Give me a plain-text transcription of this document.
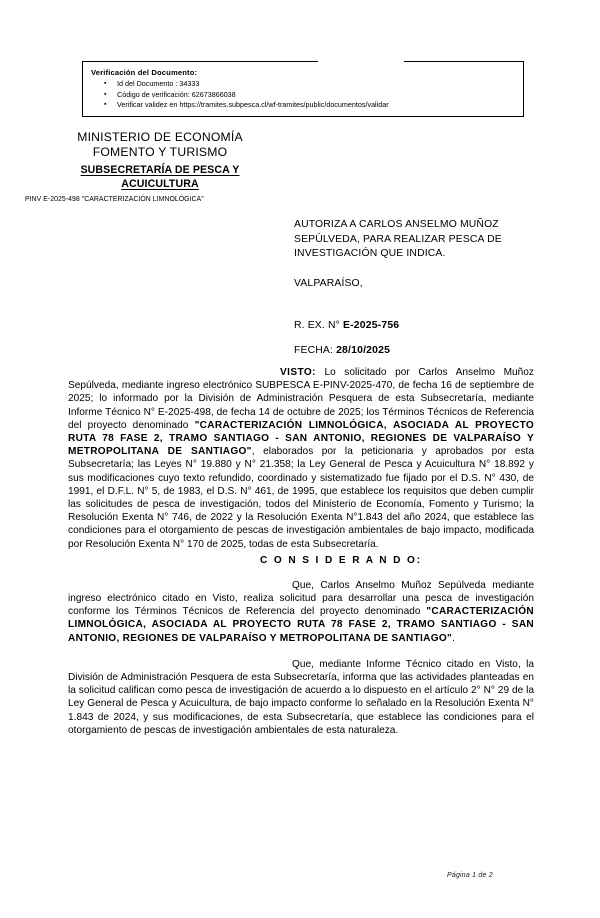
Verificación del Documento:
▪ Id del Documento : 34333
▪ Código de verificación: 62673866038
▪ Verificar validez en https://tramites.subpesca.cl/wf-tramites/public/documentos/validar
MINISTERIO DE ECONOMÍA
FOMENTO Y TURISMO
SUBSECRETARÍA DE PESCA Y
ACUICULTURA
PINV E-2025-498 "CARACTERIZACIÓN LIMNOLÓGICA"
AUTORIZA A CARLOS ANSELMO MUÑOZ SEPÚLVEDA, PARA REALIZAR PESCA DE INVESTIGACIÓN QUE INDICA.
VALPARAÍSO,
R. EX. N° E-2025-756
FECHA: 28/10/2025

VISTO: Lo solicitado por Carlos Anselmo Muñoz Sepúlveda, mediante ingreso electrónico SUBPESCA E-PINV-2025-470, de fecha 16 de septiembre de 2025; lo informado por la División de Administración Pesquera de esta Subsecretaría, mediante Informe Técnico N° E-2025-498, de fecha 14 de octubre de 2025; los Términos Técnicos de Referencia del proyecto denominado "CARACTERIZACIÓN LIMNOLÓGICA, ASOCIADA AL PROYECTO RUTA 78 FASE 2, TRAMO SANTIAGO - SAN ANTONIO, REGIONES DE VALPARAÍSO Y METROPOLITANA DE SANTIAGO", elaborados por la peticionaria y aprobados por esta Subsecretaría; las Leyes N° 19.880 y N° 21.358; la Ley General de Pesca y Acuicultura N° 18.892 y sus modificaciones cuyo texto refundido, coordinado y sistematizado fue fijado por el D.S. N° 430, de 1991, el D.F.L. N° 5, de 1983, el D.S. N° 461, de 1995, que establece los requisitos que deben cumplir las solicitudes de pesca de investigación, todos del Ministerio de Economía, Fomento y Turismo; la Resolución Exenta N° 746, de 2022 y la Resolución Exenta N°1.843 del año 2024, que establece las condiciones para el otorgamiento de pescas de investigación ambientales de bajo impacto, modificada por Resolución Exenta N° 170 de 2025, todas de esta Subsecretaría.

C O N S I D E R A N D O:

Que, Carlos Anselmo Muñoz Sepúlveda mediante ingreso electrónico citado en Visto, realiza solicitud para desarrollar una pesca de investigación conforme los Términos Técnicos de Referencia del proyecto denominado "CARACTERIZACIÓN LIMNOLÓGICA, ASOCIADA AL PROYECTO RUTA 78 FASE 2, TRAMO SANTIAGO - SAN ANTONIO, REGIONES DE VALPARAÍSO Y METROPOLITANA DE SANTIAGO".

Que, mediante Informe Técnico citado en Visto, la División de Administración Pesquera de esta Subsecretaría, informa que las actividades planteadas en la solicitud califican como pesca de investigación de acuerdo a lo dispuesto en el artículo 2° N° 29 de la Ley General de Pesca y Acuicultura, de bajo impacto conforme lo señalado en la Resolución Exenta N° 1.843 de 2024, y sus modificaciones, de esta Subsecretaría, que establece las condiciones para el otorgamiento de pescas de investigación ambientales de esta naturaleza.

Página 1 de 2
